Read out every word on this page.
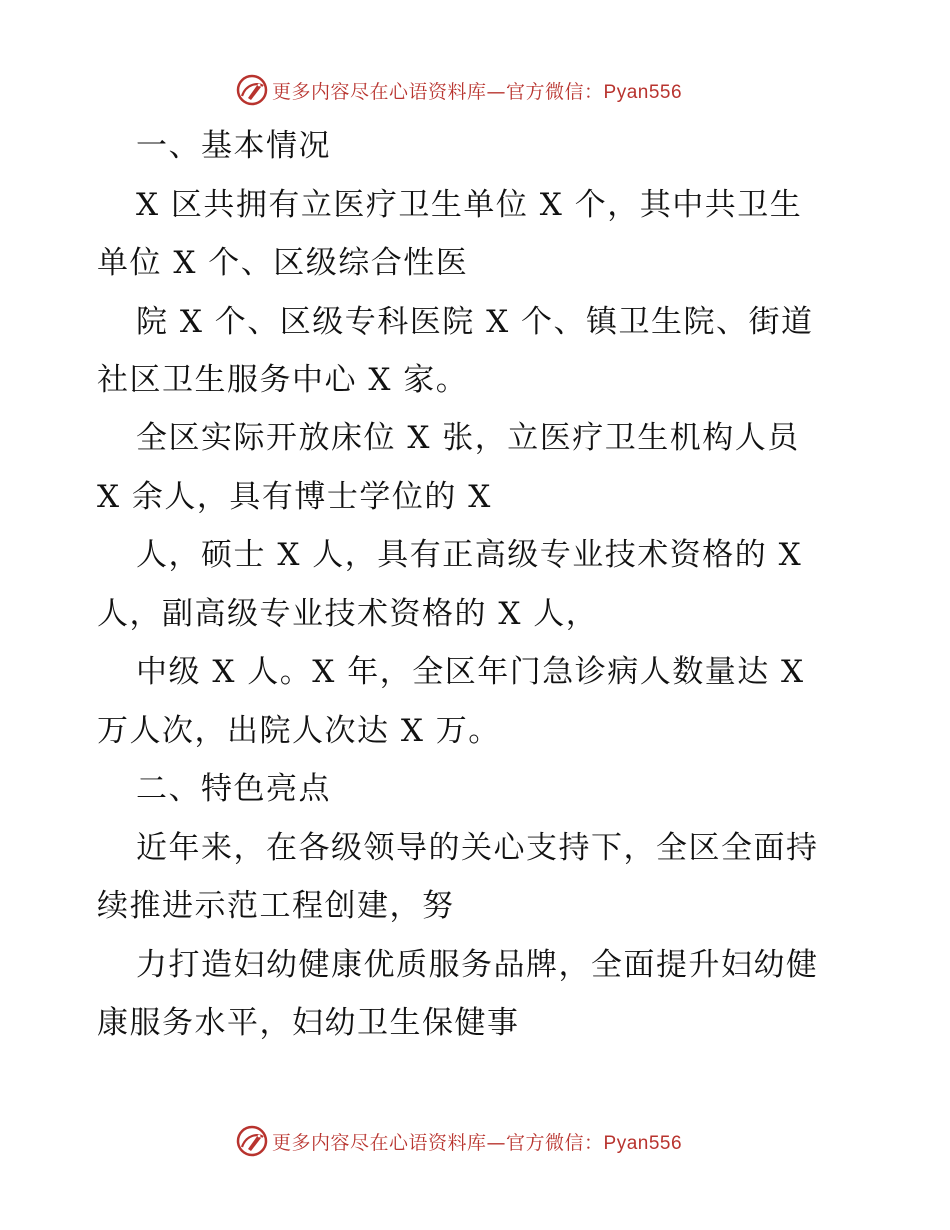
更多内容尽在心语资料库—官方微信：Pyan556
一、基本情况
X 区共拥有立医疗卫生单位 X 个，其中共卫生
单位 X 个、区级综合性医
院 X 个、区级专科医院 X 个、镇卫生院、街道
社区卫生服务中心 X 家。
全区实际开放床位 X 张，立医疗卫生机构人员
X 余人，具有博士学位的 X
人，硕士 X 人，具有正高级专业技术资格的 X
人，副高级专业技术资格的 X 人，
中级 X 人。X 年，全区年门急诊病人数量达 X
万人次，出院人次达 X 万。
二、特色亮点
近年来，在各级领导的关心支持下，全区全面持
续推进示范工程创建，努
力打造妇幼健康优质服务品牌，全面提升妇幼健
康服务水平，妇幼卫生保健事
更多内容尽在心语资料库—官方微信：Pyan556
